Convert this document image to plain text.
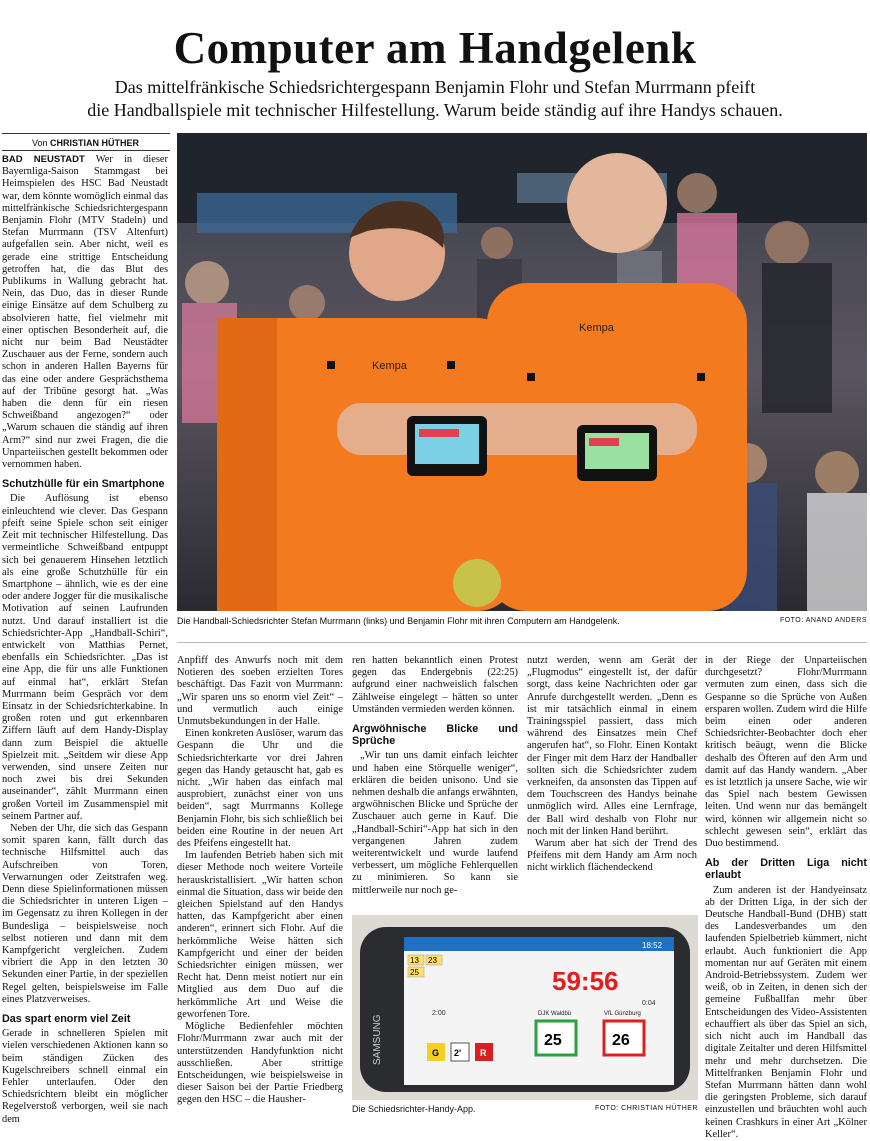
Computer am Handgelenk
Das mittelfränkische Schiedsrichtergespann Benjamin Flohr und Stefan Murrmann pfeift
die Handballspiele mit technischer Hilfestellung. Warum beide ständig auf ihre Handys schauen.
Von CHRISTIAN HÜTHER

BAD NEUSTADT Wer in dieser Bayernliga-Saison Stammgast bei Heimspielen des HSC Bad Neustadt war, dem könnte womöglich einmal das mittelfränkische Schiedsrichtergespann Benjamin Flohr (MTV Stadeln) und Stefan Murrmann (TSV Altenfurt) aufgefallen sein. Aber nicht, weil es gerade eine strittige Entscheidung getroffen hat, die das Blut des Publikums in Wallung gebracht hat. Nein, das Duo, das in dieser Runde einige Einsätze auf dem Schulberg zu absolvieren hatte, fiel vielmehr mit einer optischen Besonderheit auf, die nicht nur beim Bad Neustädter Zuschauer aus der Ferne, sondern auch schon in anderen Hallen Bayerns für das eine oder andere Gesprächsthema auf der Tribüne gesorgt hat. „Was haben die denn für ein riesen Schweißband angezogen?“ oder „Warum schauen die ständig auf ihren Arm?“ sind nur zwei Fragen, die die Unparteiischen gestellt bekommen oder vernommen haben.

Schutzhülle für ein Smartphone

Die Auflösung ist ebenso einleuchtend wie clever. Das Gespann pfeift seine Spiele schon seit einiger Zeit mit technischer Hilfestellung. Das vermeintliche Schweißband entpuppt sich bei genauerem Hinsehen letztlich als eine große Schutzhülle für ein Smartphone – ähnlich, wie es der eine oder andere Jogger für die musikalische Motivation auf seinen Laufrunden nutzt. Und darauf installiert ist die Schiedsrichter-App „Handball-Schiri“, entwickelt von Matthias Pernet, ebenfalls ein Schiedsrichter. „Das ist eine App, die für uns alle Funktionen auf einmal hat“, erklärt Stefan Murrmann beim Gespräch vor dem Einsatz in der Schiedsrichterkabine. In großen roten und gut erkennbaren Ziffern läuft auf dem Handy-Display dann zum Beispiel die aktuelle Spielzeit mit. „Seitdem wir diese App verwenden, sind unsere Zeiten nur noch zwei bis drei Sekunden auseinander“, zählt Murrmann einen großen Vorteil im Zusammenspiel mit seinem Partner auf.

Neben der Uhr, die sich das Gespann somit sparen kann, fällt durch das technische Hilfsmittel auch das Aufschreiben von Toren, Verwarnungen oder Zeitstrafen weg. Denn diese Spielinformationen müssen die Schiedsrichter in unteren Ligen – im Gegensatz zu ihren Kollegen in der Bundesliga – beispielsweise noch selbst notieren und dann mit dem Kampfgericht vergleichen. Zudem vibriert die App in den letzten 30 Sekunden einer Partie, in der speziellen Regel gelten, beispielsweise im Falle eines Platzverweises.

Das spart enorm viel Zeit

Gerade in schnelleren Spielen mit vielen verschiedenen Aktionen kann so beim ständigen Zücken des Kugelschreibers schnell einmal ein Fehler unterlaufen. Oder den Schiedsrichtern bleibt ein möglicher Regelverstoß verborgen, weil sie nach dem

Kempa
Kempa
Die Handball-Schiedsrichter Stefan Murrmann (links) und Benjamin Flohr mit ihren Computern am Handgelenk.	FOTO: ANAND ANDERS

Anpfiff des Anwurfs noch mit dem Notieren des soeben erzielten Tores beschäftigt. Das Fazit von Murrmann: „Wir sparen uns so enorm viel Zeit“ – und vermutlich auch einige Unmutsbekundungen in der Halle.

Einen konkreten Auslöser, warum das Gespann die Uhr und die Schiedsrichterkarte vor drei Jahren gegen das Handy getauscht hat, gab es nicht. „Wir haben das einfach mal ausprobiert, zunächst einer von uns beiden“, sagt Murrmanns Kollege Benjamin Flohr, bis sich schließlich bei beiden eine Routine in der neuen Art des Pfeifens eingestellt hat.

Im laufenden Betrieb haben sich mit dieser Methode noch weitere Vorteile herauskristallisiert. „Wir hatten schon einmal die Situation, dass wir beide den gleichen Spielstand auf den Handys hatten, das Kampfgericht aber einen anderen“, erinnert sich Flohr. Auf die herkömmliche Weise hätten sich Kampfgericht und einer der beiden Schiedsrichter einigen müssen, wer Recht hat. Denn meist notiert nur ein Mitglied aus dem Duo auf die herkömmliche Art und Weise die geworfenen Tore.

Mögliche Bedienfehler möchten Flohr/Murrmann zwar auch mit der unterstützenden Handyfunktion nicht ausschließen. Aber strittige Entscheidungen, wie beispielsweise in dieser Saison bei der Partie Friedberg gegen den HSC – die Hausher-

ren hatten bekanntlich einen Protest gegen das Endergebnis (22:25) aufgrund einer nachweislich falschen Zählweise eingelegt – hätten so unter Umständen vermieden werden können.

Argwöhnische Blicke und Sprüche

„Wir tun uns damit einfach leichter und haben eine Störquelle weniger“, erklären die beiden unisono. Und sie nehmen deshalb die anfangs erwähnten, argwöhnischen Blicke und Sprüche der Zuschauer auch gerne in Kauf. Die „Handball-Schiri“-App hat sich in den vergangenen Jahren zudem weiterentwickelt und wurde laufend verbessert, um mögliche Fehlerquellen zu minimieren. So kann sie mittlerweile nur noch ge-

nutzt werden, wenn am Gerät der „Flugmodus“ eingestellt ist, der dafür sorgt, dass keine Nachrichten oder gar Anrufe durchgestellt werden. „Denn es ist mir tatsächlich einmal in einem Trainingsspiel passiert, dass mich während des Einsatzes mein Chef angerufen hat“, so Flohr. Einen Kontakt der Finger mit dem Harz der Handballer sollten sich die Schiedsrichter zudem verkneifen, da ansonsten das Tippen auf dem Touchscreen des Handys beinahe unmöglich wird. Alles eine Lernfrage, der Ball wird deshalb von Flohr nur noch mit der linken Hand berührt.

Warum aber hat sich der Trend des Pfeifens mit dem Handy am Arm noch nicht wirklich flächendeckend

SAMSUNG
18:52
13 23
25	59:56
0:04
2:00	DJK Waldbü	VfL Günzburg
25	26
G 2' R
Die Schiedsrichter-Handy-App.	FOTO: CHRISTIAN HÜTHER

in der Riege der Unparteiischen durchgesetzt? Flohr/Murrmann vermuten zum einen, dass sich die Gespanne so die Sprüche von Außen ersparen wollen. Zudem wird die Hilfe beim einen oder anderen Schiedsrichter-Beobachter doch eher kritisch beäugt, wenn die Blicke deshalb des Öfteren auf den Arm und damit auf das Handy wandern. „Aber es ist letztlich ja unsere Sache, wie wir das Spiel nach bestem Gewissen leiten. Und wenn nur das bemängelt wird, können wir allgemein nicht so schlecht gewesen sein“, erklärt das Duo bestimmend.

Ab der Dritten Liga nicht erlaubt

Zum anderen ist der Handyeinsatz ab der Dritten Liga, in der sich der Deutsche Handball-Bund (DHB) statt des Landesverbandes um den laufenden Spielbetrieb kümmert, nicht erlaubt. Auch funktioniert die App momentan nur auf Geräten mit einem Android-Betriebssystem. Zudem wer weiß, ob in Zeiten, in denen sich der gemeine Fußballfan mehr über Entscheidungen des Video-Assistenten echauffiert als über das Spiel an sich, sich nicht auch im Handball das digitale Zeitalter und deren Hilfsmittel mehr und mehr durchsetzen. Die Mittelfranken Benjamin Flohr und Stefan Murrmann hätten dann wohl die geringsten Probleme, sich darauf einzustellen und bräuchten wohl auch keinen Crashkurs in einer Art „Kölner Keller“.
